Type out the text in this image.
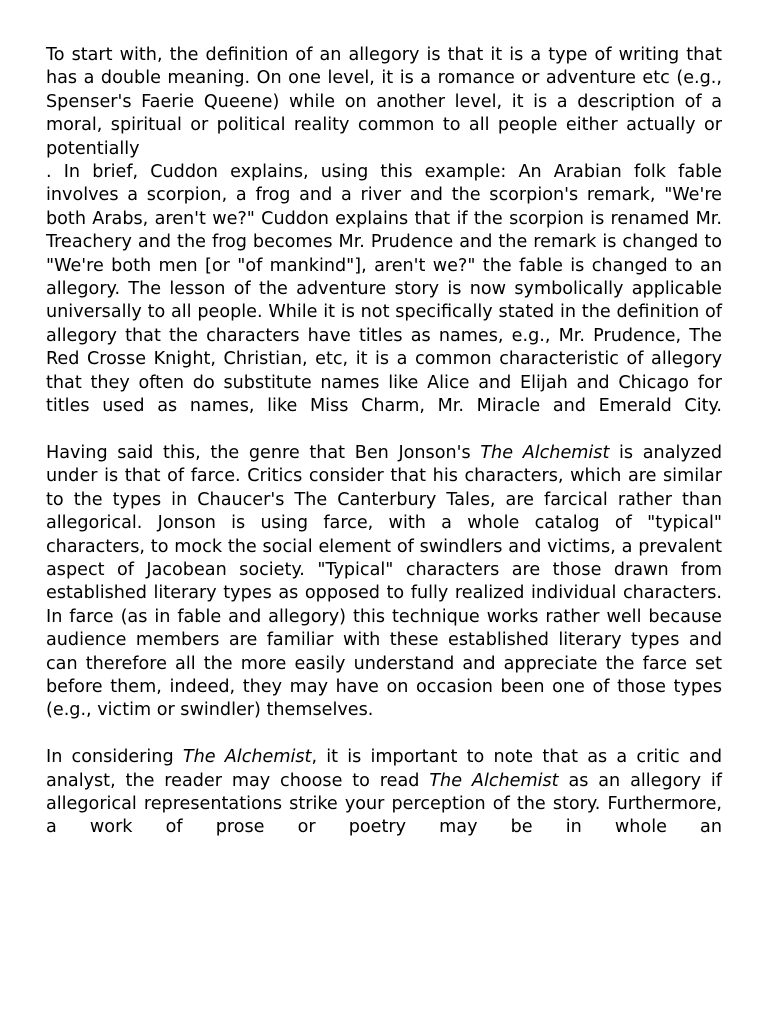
To start with, the definition of an allegory is that it is a type of writing that has a double meaning. On one level, it is a romance or adventure etc (e.g., Spenser's Faerie Queene) while on another level, it is a description of a moral, spiritual or political reality common to all people either actually or potentially

. In brief, Cuddon explains, using this example: An Arabian folk fable involves a scorpion, a frog and a river and the scorpion's remark, "We're both Arabs, aren't we?" Cuddon explains that if the scorpion is renamed Mr. Treachery and the frog becomes Mr. Prudence and the remark is changed to "We're both men [or "of mankind"], aren't we?" the fable is changed to an allegory. The lesson of the adventure story is now symbolically applicable universally to all people. While it is not specifically stated in the definition of allegory that the characters have titles as names, e.g., Mr. Prudence, The Red Crosse Knight, Christian, etc, it is a common characteristic of allegory that they often do substitute names like Alice and Elijah and Chicago for titles used as names, like Miss Charm, Mr. Miracle and Emerald City.

Having said this, the genre that Ben Jonson's The Alchemist is analyzed under is that of farce. Critics consider that his characters, which are similar to the types in Chaucer's The Canterbury Tales, are farcical rather than allegorical. Jonson is using farce, with a whole catalog of "typical" characters, to mock the social element of swindlers and victims, a prevalent aspect of Jacobean society. "Typical" characters are those drawn from established literary types as opposed to fully realized individual characters. In farce (as in fable and allegory) this technique works rather well because audience members are familiar with these established literary types and can therefore all the more easily understand and appreciate the farce set before them, indeed, they may have on occasion been one of those types (e.g., victim or swindler) themselves.

In considering The Alchemist, it is important to note that as a critic and analyst, the reader may choose to read The Alchemist as an allegory if allegorical representations strike your perception of the story. Furthermore, a work of prose or poetry may be in whole an
